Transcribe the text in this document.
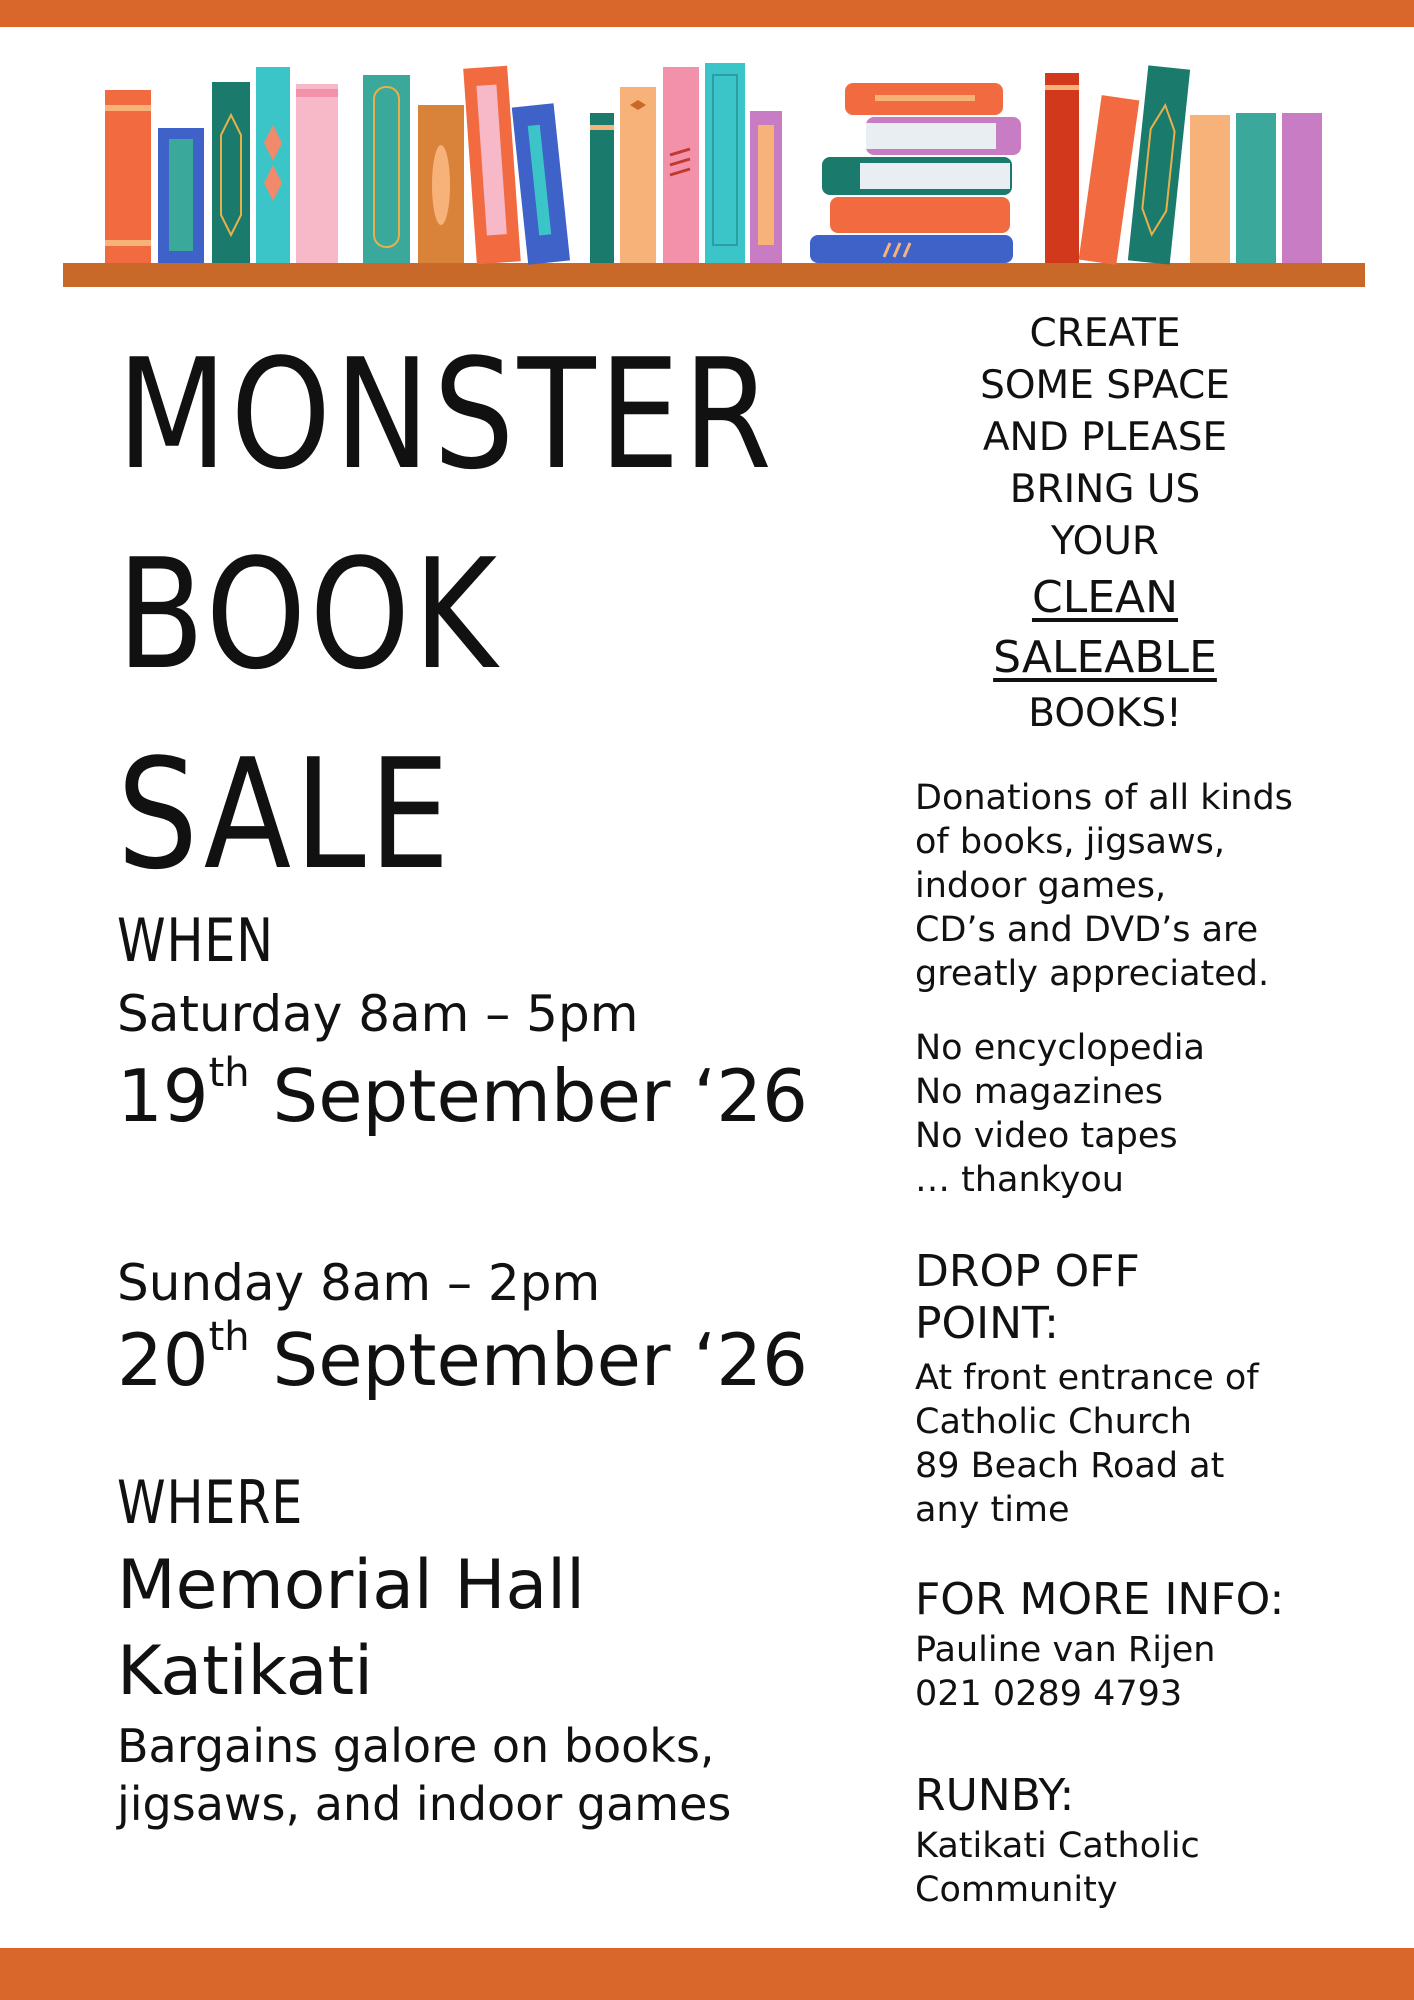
MONSTER
BOOK
SALE
WHEN
Saturday 8am – 5pm
19th September ‘26
Sunday 8am – 2pm
20th September ‘26
WHERE
Memorial Hall
Katikati
Bargains galore on books,
jigsaws, and indoor games
CREATE
SOME SPACE
AND PLEASE
BRING US
YOUR
CLEAN
SALEABLE
BOOKS!
Donations of all kinds
of books, jigsaws,
indoor games,
CD’s and DVD’s are
greatly appreciated.
No encyclopedia
No magazines
No video tapes
… thankyou
DROP OFF
POINT:
At front entrance of
Catholic Church
89 Beach Road at
any time
FOR MORE INFO:
Pauline van Rijen
021 0289 4793
RUNBY:
Katikati Catholic
Community
